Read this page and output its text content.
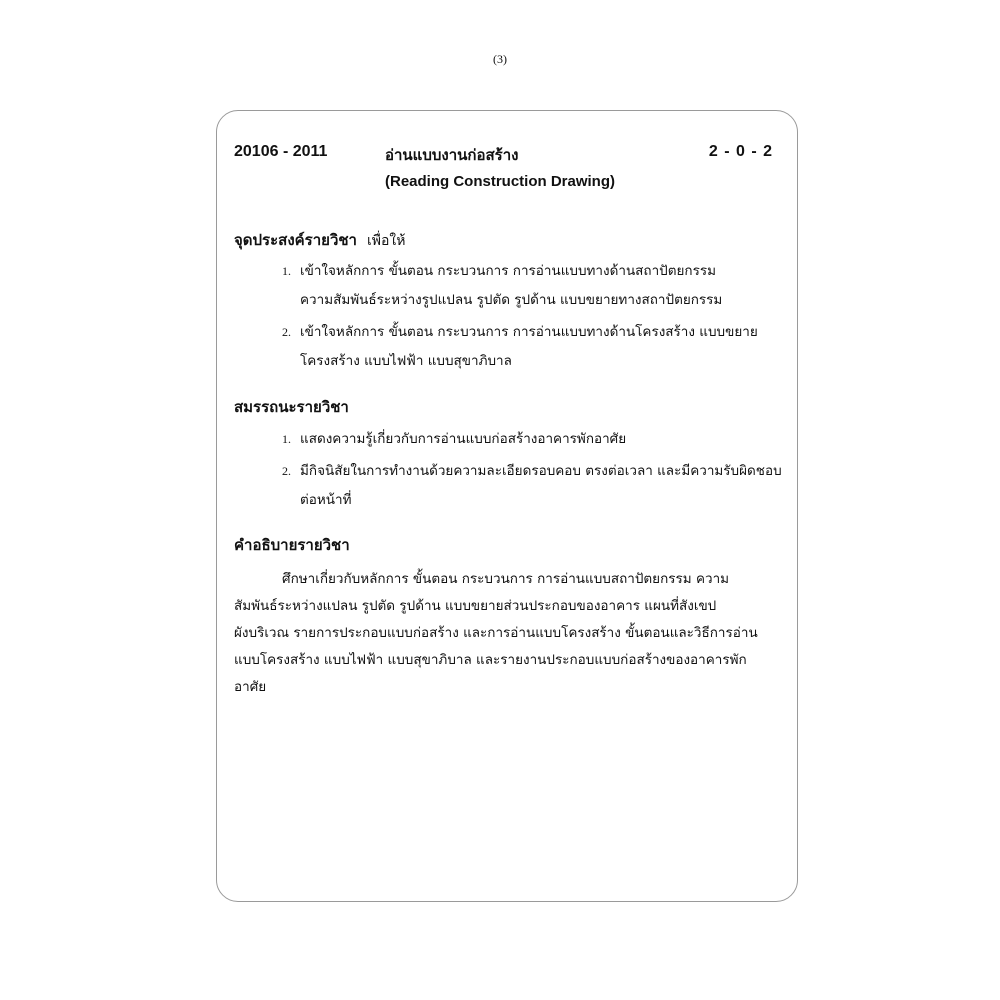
(3)
20106 - 2011	อ่านแบบงานก่อสร้าง	2 - 0 - 2
(Reading Construction Drawing)
จุดประสงค์รายวิชา เพื่อให้
1. เข้าใจหลักการ ขั้นตอน กระบวนการ การอ่านแบบทางด้านสถาปัตยกรรม
ความสัมพันธ์ระหว่างรูปแปลน รูปตัด รูปด้าน แบบขยายทางสถาปัตยกรรม
2. เข้าใจหลักการ ขั้นตอน กระบวนการ การอ่านแบบทางด้านโครงสร้าง แบบขยาย
โครงสร้าง แบบไฟฟ้า แบบสุขาภิบาล
สมรรถนะรายวิชา
1. แสดงความรู้เกี่ยวกับการอ่านแบบก่อสร้างอาคารพักอาศัย
2. มีกิจนิสัยในการทำงานด้วยความละเอียดรอบคอบ ตรงต่อเวลา และมีความรับผิดชอบ
ต่อหน้าที่
คำอธิบายรายวิชา
ศึกษาเกี่ยวกับหลักการ ขั้นตอน กระบวนการ การอ่านแบบสถาปัตยกรรม ความ
สัมพันธ์ระหว่างแปลน รูปตัด รูปด้าน แบบขยายส่วนประกอบของอาคาร แผนที่สังเขป
ผังบริเวณ รายการประกอบแบบก่อสร้าง และการอ่านแบบโครงสร้าง ขั้นตอนและวิธีการอ่าน
แบบโครงสร้าง แบบไฟฟ้า แบบสุขาภิบาล และรายงานประกอบแบบก่อสร้างของอาคารพัก
อาศัย
